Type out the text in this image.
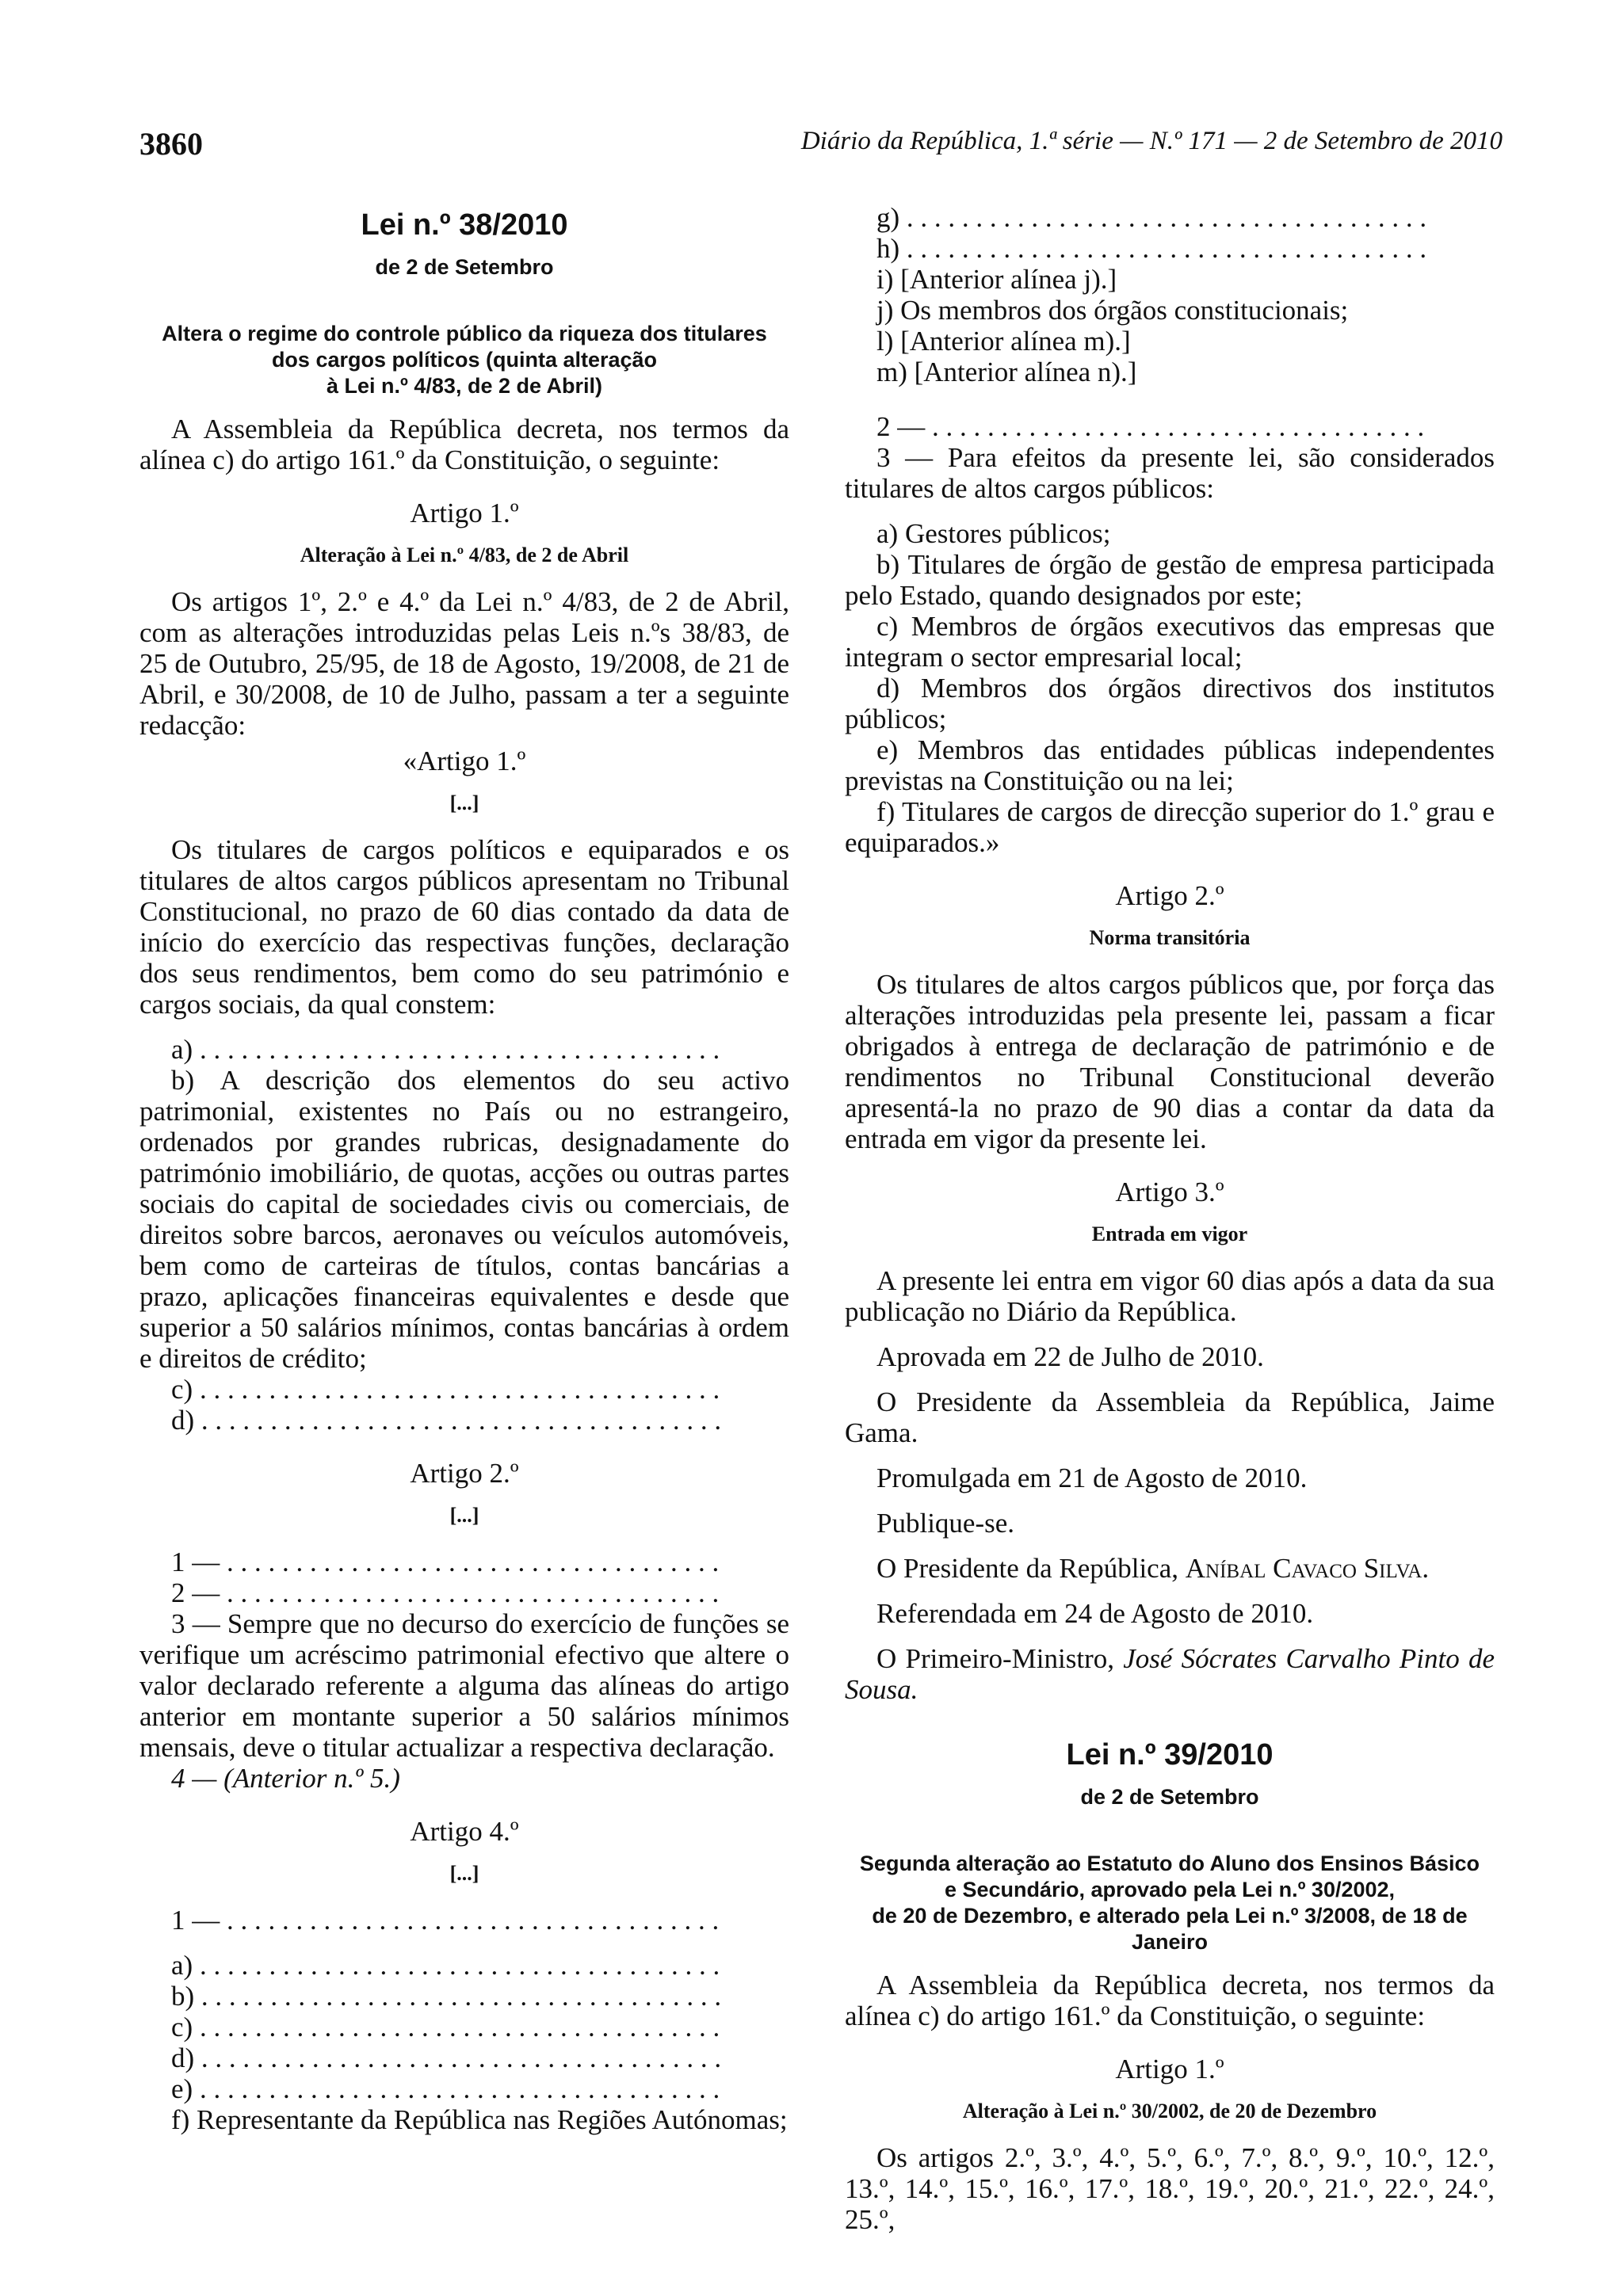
3860	Diário da República, 1.ª série — N.º 171 — 2 de Setembro de 2010
Lei n.º 38/2010
de 2 de Setembro
Altera o regime do controle público da riqueza dos titulares
dos cargos políticos (quinta alteração
à Lei n.º 4/83, de 2 de Abril)

A Assembleia da República decreta, nos termos da alínea c) do artigo 161.º da Constituição, o seguinte:

Artigo 1.º
Alteração à Lei n.º 4/83, de 2 de Abril

Os artigos 1º, 2.º e 4.º da Lei n.º 4/83, de 2 de Abril, com as alterações introduzidas pelas Leis n.ºs 38/83, de 25 de Outubro, 25/95, de 18 de Agosto, 19/2008, de 21 de Abril, e 30/2008, de 10 de Julho, passam a ter a seguinte redacção:

«Artigo 1.º
[...]

Os titulares de cargos políticos e equiparados e os titulares de altos cargos públicos apresentam no Tribunal Constitucional, no prazo de 60 dias contado da data de início do exercício das respectivas funções, declaração dos seus rendimentos, bem como do seu património e cargos sociais, da qual constem:

a) . . . . . . . . . . . . . . . . . . . . . . . . . . . . . . . . . . . . . .

b) A descrição dos elementos do seu activo patrimonial, existentes no País ou no estrangeiro, ordenados por grandes rubricas, designadamente do património imobiliário, de quotas, acções ou outras partes sociais do capital de sociedades civis ou comerciais, de direitos sobre barcos, aeronaves ou veículos automóveis, bem como de carteiras de títulos, contas bancárias a prazo, aplicações financeiras equivalentes e desde que superior a 50 salários mínimos, contas bancárias à ordem e direitos de crédito;

c) . . . . . . . . . . . . . . . . . . . . . . . . . . . . . . . . . . . . . .
d) . . . . . . . . . . . . . . . . . . . . . . . . . . . . . . . . . . . . . .
Artigo 2.º
[...]
1 — . . . . . . . . . . . . . . . . . . . . . . . . . . . . . . . . . . . .
2 — . . . . . . . . . . . . . . . . . . . . . . . . . . . . . . . . . . . .

3 — Sempre que no decurso do exercício de funções se verifique um acréscimo patrimonial efectivo que altere o valor declarado referente a alguma das alíneas do artigo anterior em montante superior a 50 salários mínimos mensais, deve o titular actualizar a respectiva declaração.

4 — (Anterior n.º 5.)

Artigo 4.º
[...]
1 — . . . . . . . . . . . . . . . . . . . . . . . . . . . . . . . . . . . .
a) . . . . . . . . . . . . . . . . . . . . . . . . . . . . . . . . . . . . . .
b) . . . . . . . . . . . . . . . . . . . . . . . . . . . . . . . . . . . . . .
c) . . . . . . . . . . . . . . . . . . . . . . . . . . . . . . . . . . . . . .
d) . . . . . . . . . . . . . . . . . . . . . . . . . . . . . . . . . . . . . .
e) . . . . . . . . . . . . . . . . . . . . . . . . . . . . . . . . . . . . . .

f) Representante da República nas Regiões Autónomas;

g) . . . . . . . . . . . . . . . . . . . . . . . . . . . . . . . . . . . . . .
h) . . . . . . . . . . . . . . . . . . . . . . . . . . . . . . . . . . . . . .

i) [Anterior alínea j).]

j) Os membros dos órgãos constitucionais;

l) [Anterior alínea m).]

m) [Anterior alínea n).]

2 — . . . . . . . . . . . . . . . . . . . . . . . . . . . . . . . . . . . .

3 — Para efeitos da presente lei, são considerados titulares de altos cargos públicos:

a) Gestores públicos;

b) Titulares de órgão de gestão de empresa participada pelo Estado, quando designados por este;

c) Membros de órgãos executivos das empresas que integram o sector empresarial local;

d) Membros dos órgãos directivos dos institutos públicos;

e) Membros das entidades públicas independentes previstas na Constituição ou na lei;

f) Titulares de cargos de direcção superior do 1.º grau e equiparados.»

Artigo 2.º
Norma transitória

Os titulares de altos cargos públicos que, por força das alterações introduzidas pela presente lei, passam a ficar obrigados à entrega de declaração de património e de rendimentos no Tribunal Constitucional deverão apresentá-la no prazo de 90 dias a contar da data da entrada em vigor da presente lei.

Artigo 3.º
Entrada em vigor

A presente lei entra em vigor 60 dias após a data da sua publicação no Diário da República.

Aprovada em 22 de Julho de 2010.

O Presidente da Assembleia da República, Jaime Gama.

Promulgada em 21 de Agosto de 2010.

Publique-se.

O Presidente da República, Aníbal Cavaco Silva.

Referendada em 24 de Agosto de 2010.

O Primeiro-Ministro, José Sócrates Carvalho Pinto de Sousa.

Lei n.º 39/2010
de 2 de Setembro
Segunda alteração ao Estatuto do Aluno dos Ensinos Básico
e Secundário, aprovado pela Lei n.º 30/2002,
de 20 de Dezembro, e alterado pela Lei n.º 3/2008, de 18 de Janeiro

A Assembleia da República decreta, nos termos da alínea c) do artigo 161.º da Constituição, o seguinte:

Artigo 1.º
Alteração à Lei n.º 30/2002, de 20 de Dezembro

Os artigos 2.º, 3.º, 4.º, 5.º, 6.º, 7.º, 8.º, 9.º, 10.º, 12.º, 13.º, 14.º, 15.º, 16.º, 17.º, 18.º, 19.º, 20.º, 21.º, 22.º, 24.º, 25.º,
